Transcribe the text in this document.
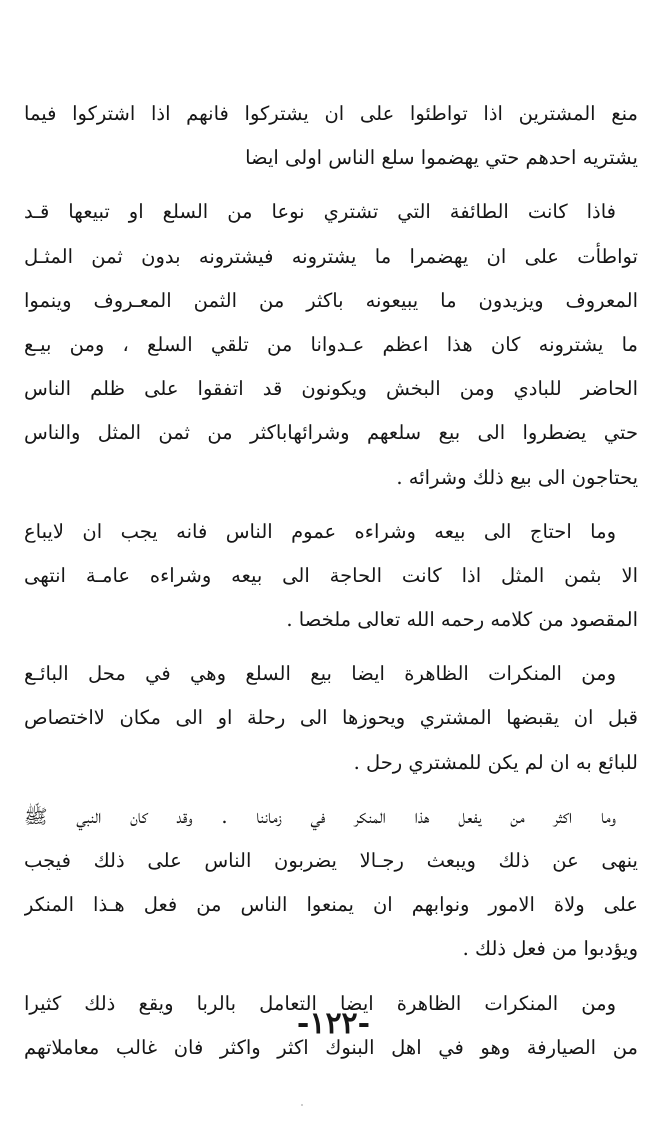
منع المشترين اذا تواطئوا على ان يشتركوا فانهم اذا اشتركوا فيما
يشتريه احدهم حتي يهضموا سلع الناس اولى ايضا
فاذا كانت الطائفة التي تشتري نوعا من السلع او تبيعها قـد
تواطأت على ان يهضمرا ما يشترونه فيشترونه بدون ثمن المثـل
المعروف ويزيدون ما يبيعونه باكثر من الثمن المعـروف وينموا
ما يشترونه كان هذا اعظم عـدوانا من تلقي السلع ، ومن بيـع
الحاضر للبادي ومن البخش ويكونون قد اتفقوا على ظلم الناس
حتي يضطروا الى بيع سلعهم وشرائهاباكثر من ثمن المثل والناس
يحتاجون الى بيع ذلك وشرائه .
وما احتاج الى بيعه وشراءه عموم الناس فانه يجب ان لايباع
الا بثمن المثل اذا كانت الحاجة الى بيعه وشراءه عامـة انتهى
المقصود من كلامه رحمه الله تعالى ملخصا .
ومن المنكرات الظاهرة ايضا بيع السلع وهي في محل البائـع
قبل ان يقبضها المشتري ويحوزها الى رحلة او الى مكان لااختصاص
للبائع به ان لم يكن للمشتري رحل .
وما اكثر من يفعل هذا المنكر في زماننا . وقد كان النبي ﷺ
ينهى عن ذلك ويبعث رجـالا يضربون الناس على ذلك فيجب
على ولاة الامور ونوابهم ان يمنعوا الناس من فعل هـذا المنكر
ويؤدبوا من فعل ذلك .
ومن المنكرات الظاهرة ايضا التعامل بالربا ويقع ذلك كثيرا
من الصيارفة وهو في اهل البنوك اكثر واكثر فان غالب معاملاتهم
-١٢٢-
